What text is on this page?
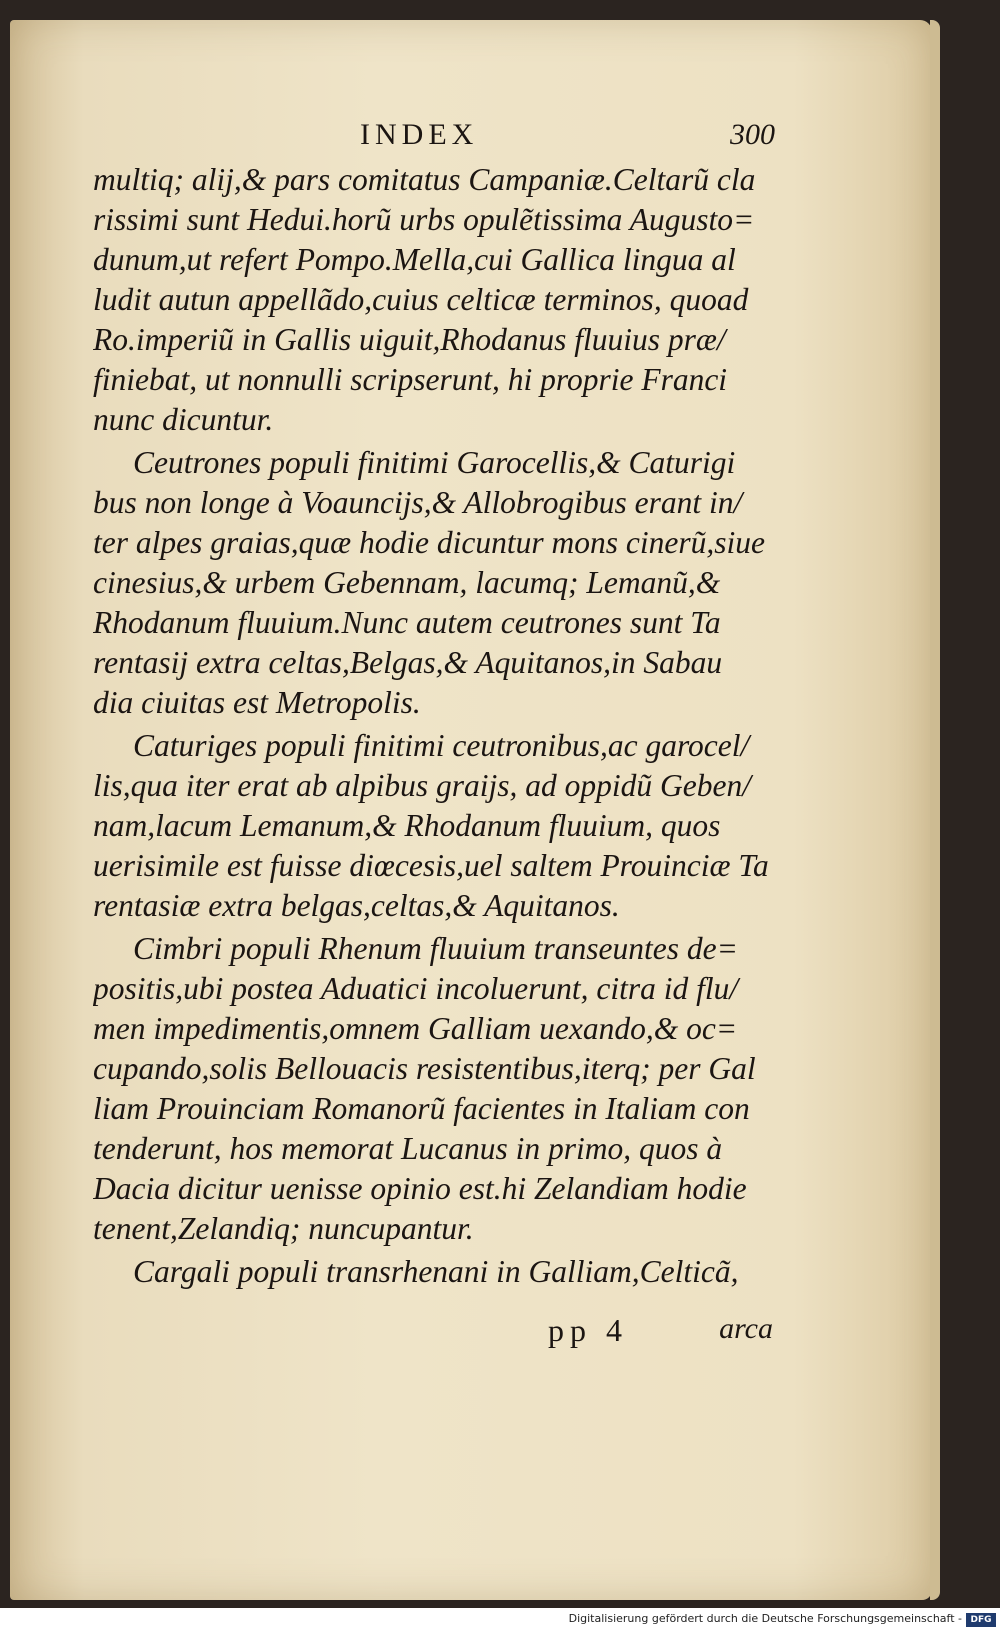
INDEX	300
multiq; alij,& pars comitatus Campaniæ.Celtarũ cla
rissimi sunt Hedui.horũ urbs opulẽtissima Augusto=
dunum,ut refert Pompo.Mella,cui Gallica lingua al
ludit autun appellãdo,cuius celticæ terminos, quoad
Ro.imperiũ in Gallis uiguit,Rhodanus fluuius præ/
finiebat, ut nonnulli scripserunt, hi proprie Franci
nunc dicuntur.
Ceutrones populi finitimi Garocellis,& Caturigi
bus non longe à Voauncijs,& Allobrogibus erant in/
ter alpes graias,quæ hodie dicuntur mons cinerũ,siue
cinesius,& urbem Gebennam, lacumq; Lemanũ,&
Rhodanum fluuium.Nunc autem ceutrones sunt Ta
rentasij extra celtas,Belgas,& Aquitanos,in Sabau
dia ciuitas est Metropolis.
Caturiges populi finitimi ceutronibus,ac garocel/
lis,qua iter erat ab alpibus graijs, ad oppidũ Geben/
nam,lacum Lemanum,& Rhodanum fluuium, quos
uerisimile est fuisse diœcesis,uel saltem Prouinciæ Ta
rentasiæ extra belgas,celtas,& Aquitanos.
Cimbri populi Rhenum fluuium transeuntes de=
positis,ubi postea Aduatici incoluerunt, citra id flu/
men impedimentis,omnem Galliam uexando,& oc=
cupando,solis Bellouacis resistentibus,iterq; per Gal
liam Prouinciam Romanorũ facientes in Italiam con
tenderunt, hos memorat Lucanus in primo, quos à
Dacia dicitur uenisse opinio est.hi Zelandiam hodie
tenent,Zelandiq; nuncupantur.
Cargali populi transrhenani in Galliam,Celticã,
pp 4	arca
Digitalisierung gefördert durch die Deutsche Forschungsgemeinschaft - DFG
